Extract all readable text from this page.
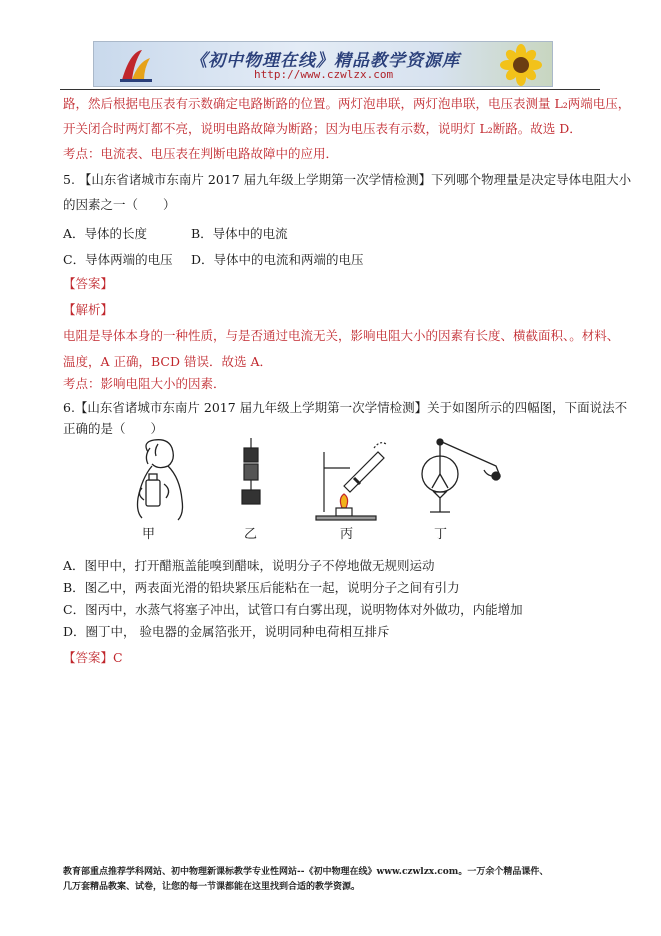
《初中物理在线》精品教学资源库
http://www.czwlzx.com
路，然后根据电压表有示数确定电路断路的位置。两灯泡串联，两灯泡串联，电压表测量 L₂两端电压，
开关闭合时两灯都不亮，说明电路故障为断路；因为电压表有示数，说明灯 L₂断路。故选 D．
考点：电流表、电压表在判断电路故障中的应用．
5. 【山东省诸城市东南片 2017 届九年级上学期第一次学情检测】下列哪个物理量是决定导体电阻大小
的因素之一（　　）
A．导体的长度	B．导体中的电流
C．导体两端的电压 D．导体中的电流和两端的电压
【答案】
【解析】
电阻是导体本身的一种性质，与是否通过电流无关，影响电阻大小的因素有长度、横截面积、。材料、
温度，A 正确，BCD 错误．故选 A．
考点：影响电阻大小的因素．
6.【山东省诸城市东南片 2017 届九年级上学期第一次学情检测】关于如图所示的四幅图，下面说法不
正确的是（　　）
甲	乙	丙	丁
A．图甲中，打开醋瓶盖能嗅到醋味，说明分子不停地做无规则运动
B．图乙中，两表面光滑的铅块紧压后能粘在一起，说明分子之间有引力
C．图丙中，水蒸气将塞子冲出，试管口有白雾出现，说明物体对外做功，内能增加
D．圈丁中， 验电器的金属箔张开，说明同种电荷相互排斥
【答案】C
教育部重点推荐学科网站、初中物理新课标教学专业性网站--《初中物理在线》www.czwlzx.com。一万余个精品课件、
几万套精品教案、试卷，让您的每一节课都能在这里找到合适的教学资源。
